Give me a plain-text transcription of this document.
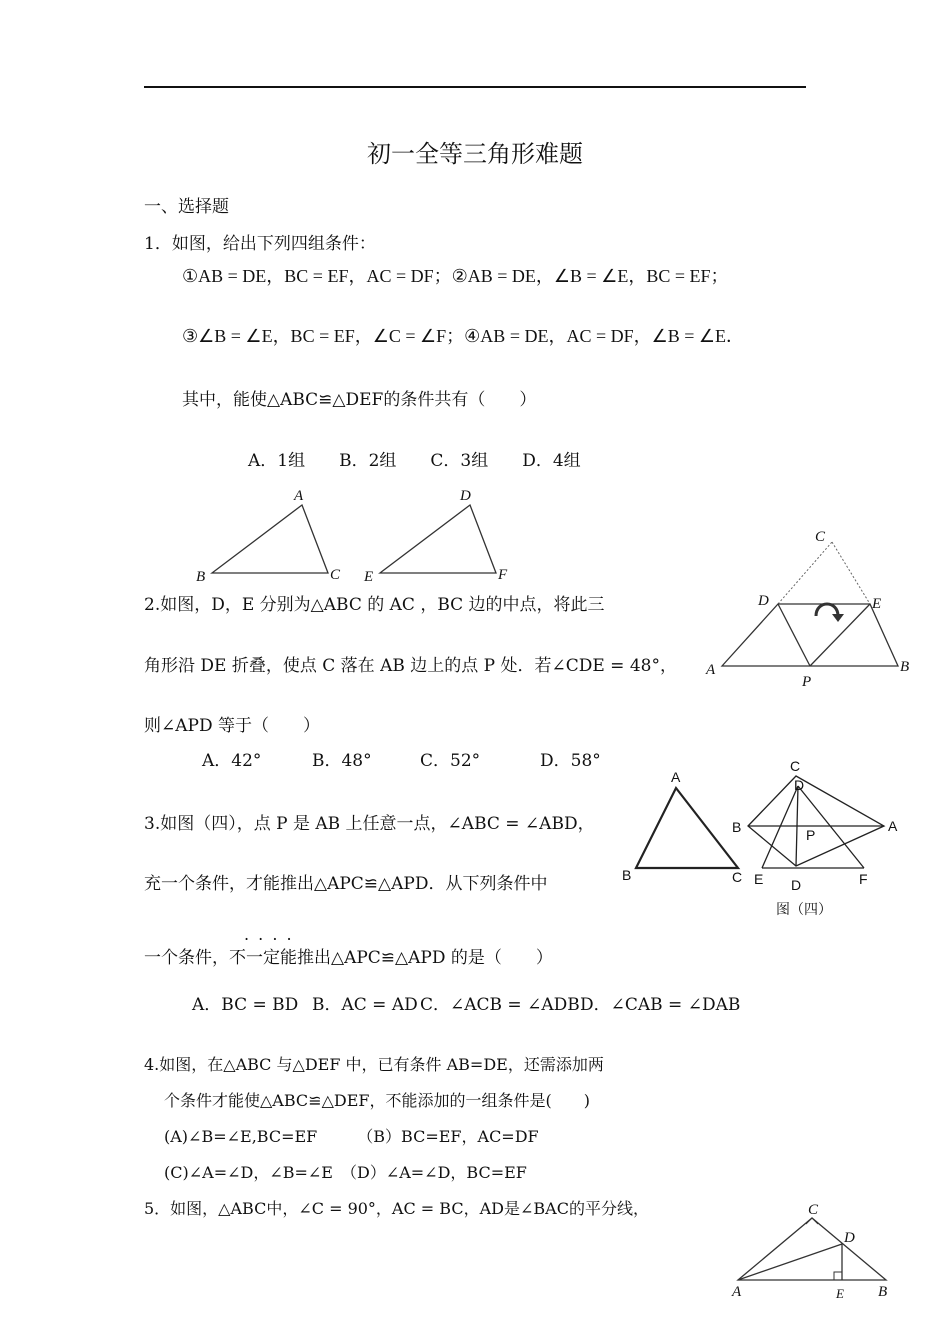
初一全等三角形难题
一、选择题
1．如图，给出下列四组条件：
①AB = DE，BC = EF，AC = DF；②AB = DE，∠B = ∠E，BC = EF；
③∠B = ∠E，BC = EF，∠C = ∠F；④AB = DE，AC = DF，∠B = ∠E．
其中，能使△ABC≌△DEF的条件共有（　　）
A．1组　　B．2组　　C．3组　　D．4组
A
B	C
D
E	F
2.如图，D，E 分别为△ABC 的 AC ，BC 边的中点，将此三
角形沿 DE 折叠，使点 C 落在 AB 边上的点 P 处．若∠CDE = 48°，
则∠APD 等于（　　）
A．42°	B．48°	C．52°	D．58°
C
D	E
A	B
P
3.如图（四），点 P 是 AB 上任意一点，∠ABC = ∠ABD，
充一个条件，才能推出△APC≌△APD．从下列条件中
. . . .
一个条件，不一定能推出△APC≌△APD 的是（　　）
A．BC = BD B．AC = AD C．∠ACB = ∠ADB D．∠CAB = ∠DAB
A
B	C
C
D
B	A
P
E D	F
图（四）
4.如图，在△ABC 与△DEF 中，已有条件 AB=DE，还需添加两
个条件才能使△ABC≌△DEF，不能添加的一组条件是(　　)
(A)∠B=∠E,BC=EF　　　（B）BC=EF，AC=DF
(C)∠A=∠D，∠B=∠E　（D）∠A=∠D，BC=EF
5．如图，△ABC中，∠C = 90°，AC = BC，AD是∠BAC的平分线，	C
D
A	E B
